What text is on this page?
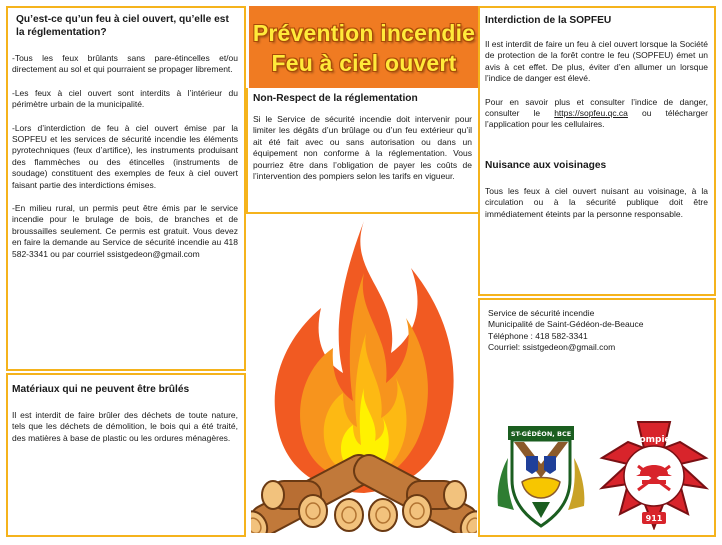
Qu’est-ce qu’un feu à ciel ouvert, qu’elle est la réglementation?

-Tous les feux brûlants sans pare-étincelles et/ou directement au sol et qui pourraient se propager librement.

-Les feux à ciel ouvert sont interdits à l’intérieur du périmètre urbain de la municipalité.

-Lors d’interdiction de feu à ciel ouvert émise par la SOPFEU et les services de sécurité incendie les éléments pyrotechniques (feux d’artifice), les instruments produisant des flammèches ou des étincelles (instruments de soudage) constituent des exemples de feux à ciel ouvert faisant partie des interdictions émises.

-En milieu rural, un permis peut être émis par le service incendie pour le brulage de bois, de branches et de broussailles seulement. Ce permis est gratuit. Vous devez en faire la demande au Service de sécurité incendie au 418 582-3341 ou par courriel ssistgedeon@gmail.com

Matériaux qui ne peuvent être brûlés

Il est interdit de faire brûler des déchets de toute nature, tels que les déchets de démolition, le bois qui a été traité, des matières à base de plastic ou les ordures ménagères.

Prévention incendie
Feu à ciel ouvert

Non-Respect de la réglementation

Si le Service de sécurité incendie doit intervenir pour limiter les dégâts d’un brûlage ou d’un feu extérieur qu’il ait été fait avec ou sans autorisation ou dans un équipement non conforme à la réglementation. Vous pourriez être dans l’obligation de payer les coûts de l’intervention des pompiers selon les tarifs en vigueur.

Interdiction de la SOPFEU

Il est interdit de faire un feu à ciel ouvert lorsque la Société de protection de la forêt contre le feu (SOPFEU) émet un avis à cet effet. De plus, éviter d’en allumer un lorsque l’indice de danger est élevé.

Pour en savoir plus et consulter l’indice de danger, consulter le https://sopfeu.qc.ca ou télécharger l’application pour les cellulaires.

Nuisance aux voisinages

Tous les feux à ciel ouvert nuisant au voisinage, à la circulation ou à la sécurité publique doit être immédiatement éteints par la personne responsable.

Service de sécurité incendie

Municipalité de Saint-Gédéon-de-Beauce

Téléphone : 418 582-3341

Courriel: ssistgedeon@gmail.com

ST-GÉDÉON, BCE
Pompier
911
